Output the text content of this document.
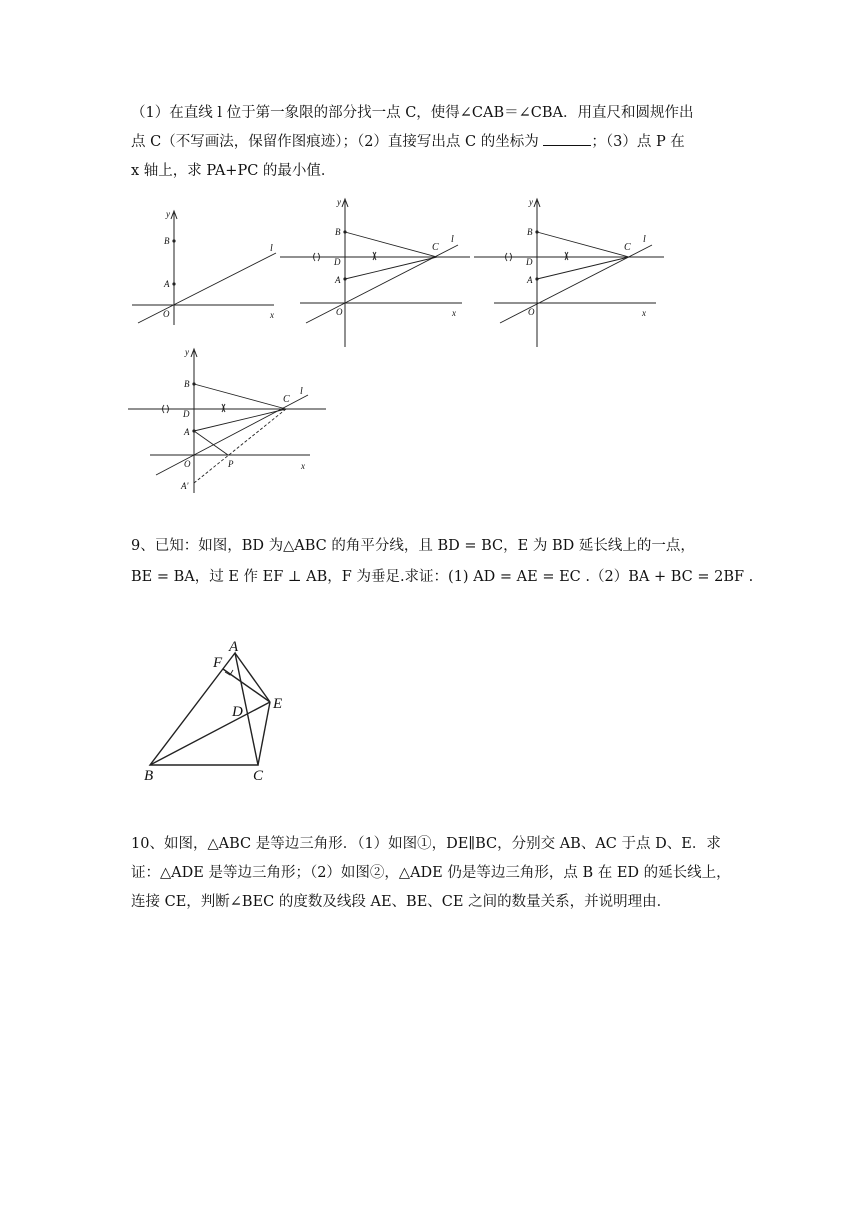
（1）在直线 l 位于第一象限的部分找一点 C，使得∠CAB＝∠CBA．用直尺和圆规作出

点 C（不写画法，保留作图痕迹）；（2）直接写出点 C 的坐标为	；（3）点 P 在

x 轴上，求 PA+PC 的最小值．

y
B
A
O	x
l
y
B
D
A
C
l
O	x
y
B
D
A
C
l
O	x
y
B
D
A
C
l
O	P	x
A'

9、已知：如图，BD 为△ABC 的角平分线，且 BD = BC，E 为 BD 延长线上的一点，

BE = BA，过 E 作 EF ⊥ AB，F 为垂足.求证：(1) AD = AE = EC .（2）BA + BC = 2BF .

A
F
D E
B	C

10、如图，△ABC 是等边三角形．（1）如图①，DE∥BC，分别交 AB、AC 于点 D、E．求

证：△ADE 是等边三角形；（2）如图②，△ADE 仍是等边三角形，点 B 在 ED 的延长线上，

连接 CE，判断∠BEC 的度数及线段 AE、BE、CE 之间的数量关系，并说明理由．
